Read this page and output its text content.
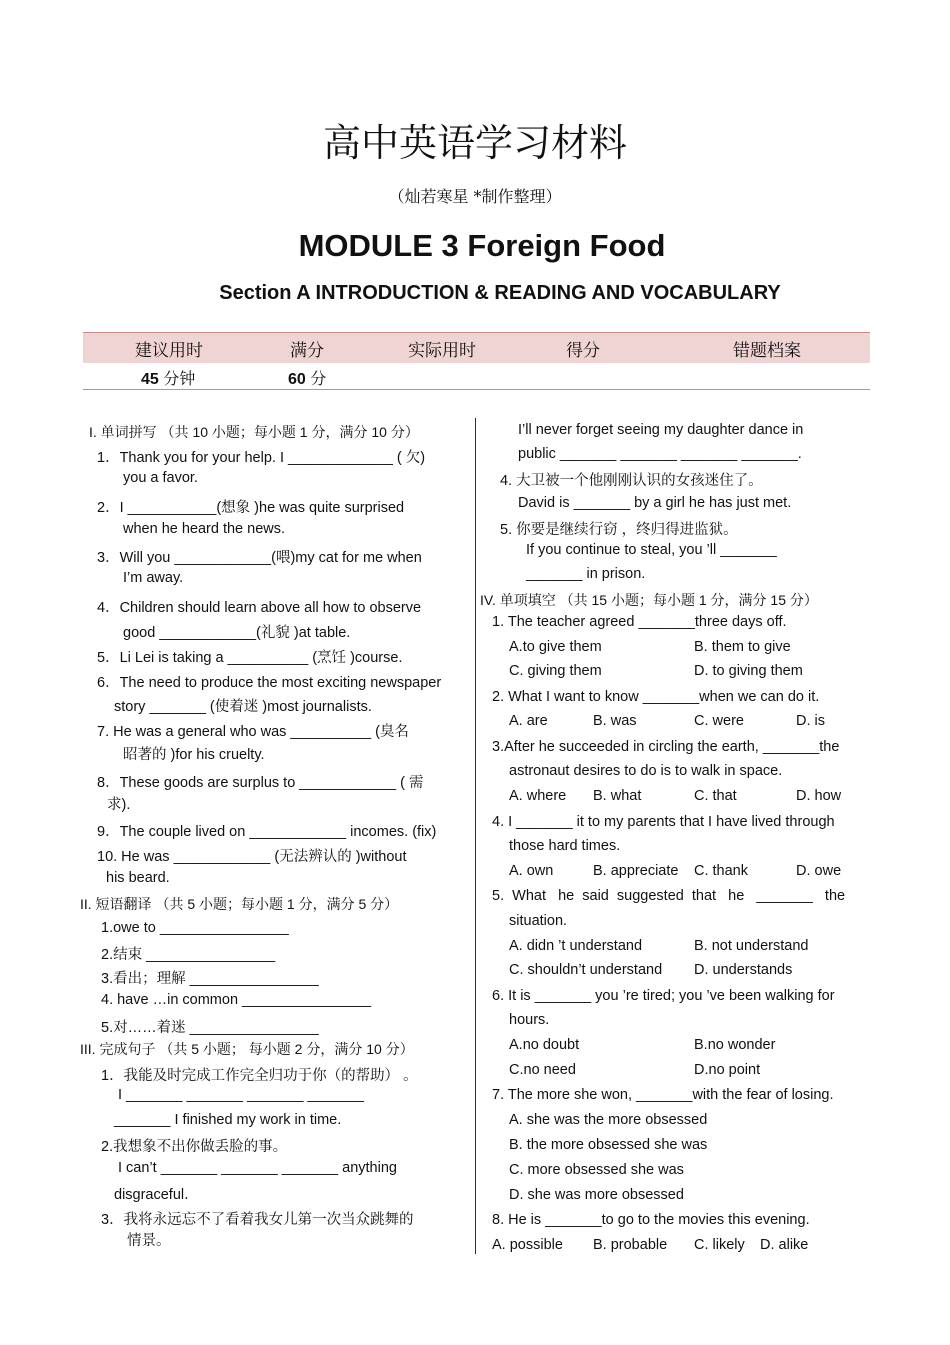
高中英语学习材料
（灿若寒星 *制作整理）
MODULE 3 Foreign Food
Section A INTRODUCTION & READING AND VOCABULARY
建议用时	满分	实际用时	得分	错题档案
45 分钟	60 分
I. 单词拼写 （共 10 小题；每小题 1 分，满分 10 分）
1．Thank you for your help. I _____________ ( 欠)
you a favor.
2．I ___________(想象 )he was quite surprised
when he heard the news.
3．Will you ____________(喂)my cat for me when
I’m away.
4．Children should learn above all how to observe
good ____________(礼貌 )at table.
5．Li Lei is taking a __________ (烹饪 )course.
6．The need to produce the most exciting newspaper
story _______ (使着迷 )most journalists.
7. He was a general who was __________ (臭名
昭著的 )for his cruelty.
8．These goods are surplus to ____________ ( 需
求).
9．The couple lived on ____________ incomes. (fix)
10. He was ____________ (无法辨认的 )without
his beard.
II. 短语翻译 （共 5 小题；每小题 1 分，满分 5 分）
1.owe to ________________
2.结束 ________________
3.看出；理解 ________________
4. have …in common ________________
5.对……着迷 ________________
III. 完成句子 （共 5 小题； 每小题 2 分，满分 10 分）
1．我能及时完成工作完全归功于你（的帮助） 。
I _______ _______ _______ _______
_______ I finished my work in time.
2.我想象不出你做丢脸的事。
I can’t _______ _______ _______ anything
disgraceful．
3．我将永远忘不了看着我女儿第一次当众跳舞的
情景。
I’ll never forget seeing my daughter dance in
public _______ _______ _______ _______.
4. 大卫被一个他刚刚认识的女孩迷住了。
David is _______ by a girl he has just met.
5. 你要是继续行窃 ，终归得进监狱。
If you continue to steal, you ’ll _______
_______ in prison.
IV. 单项填空 （共 15 小题；每小题 1 分，满分 15 分）
1. The teacher agreed _______three days off.
A.to give them	B. them to give
C. giving them	D. to giving them
2. What I want to know _______when we can do it.
A. are	B. was	C. were	D. is
3.After he succeeded in circling the earth, _______the
astronaut desires to do is to walk in space.
A. where B. what	C. that	D. how
4. I _______ it to my parents that I have lived through
those hard times.
A. own	B. appreciate C. thank	D. owe
5.  What   he  said  suggested  that   he   _______   the
situation.
A. didn ’t understand	B. not understand
C. shouldn’t understand D. understands
6. It is _______ you ’re tired; you ’ve been walking for
hours.
A.no doubt	B.no wonder
C.no need	D.no point
7. The more she won, _______with the fear of losing.
A. she was the more obsessed
B. the more obsessed she was
C. more obsessed she was
D. she was more obsessed
8. He is _______to go to the movies this evening.
A. possible B. probable C. likely D. alike
